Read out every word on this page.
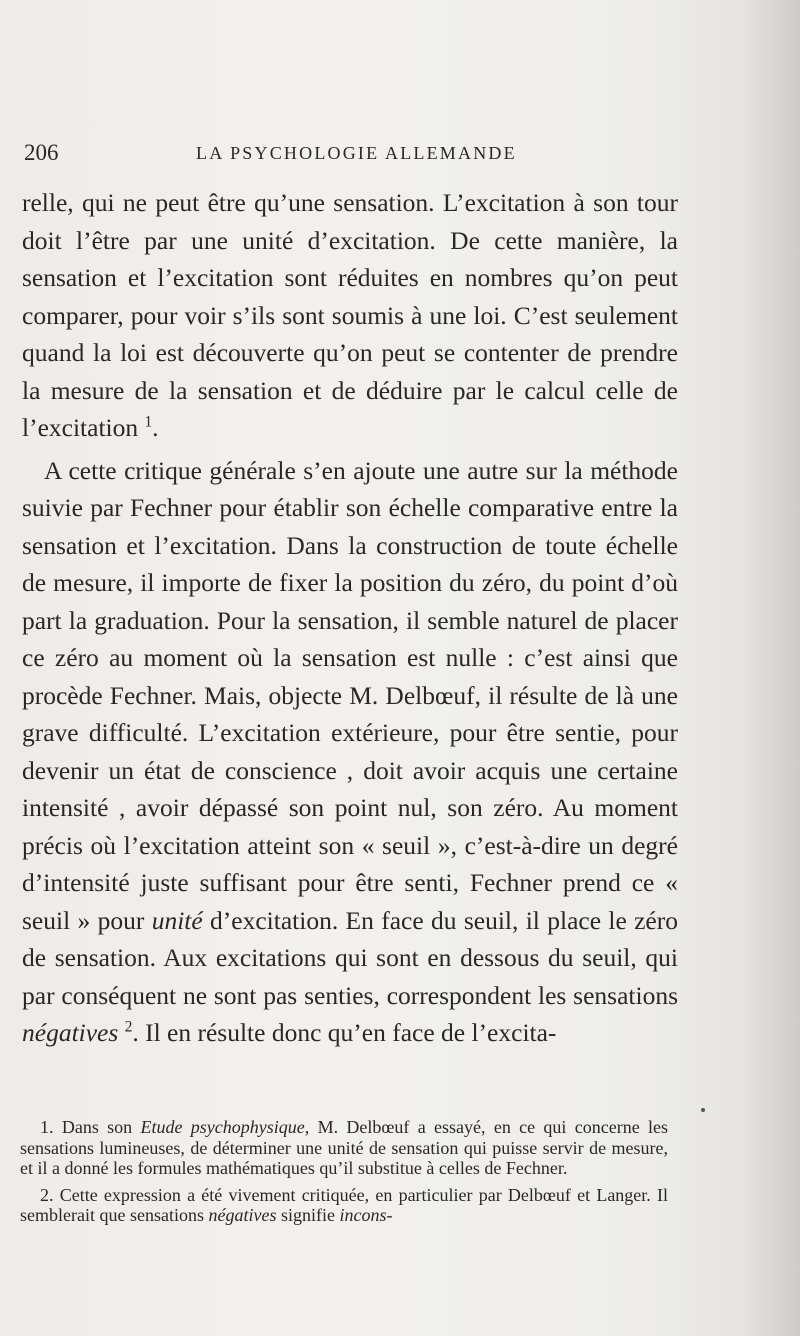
206	LA PSYCHOLOGIE ALLEMANDE

relle, qui ne peut être qu’une sensation. L’excitation à son tour doit l’être par une unité d’excitation. De cette manière, la sensation et l’excitation sont réduites en nombres qu’on peut comparer, pour voir s’ils sont soumis à une loi. C’est seulement quand la loi est découverte qu’on peut se contenter de prendre la mesure de la sensation et de déduire par le calcul celle de l’excitation $^1$.

A cette critique générale s’en ajoute une autre sur la méthode suivie par Fechner pour établir son échelle comparative entre la sensation et l’excitation. Dans la construction de toute échelle de mesure, il importe de fixer la position du zéro, du point d’où part la graduation. Pour la sensation, il semble naturel de placer ce zéro au moment où la sensation est nulle : c’est ainsi que procède Fechner. Mais, objecte M. Delbœuf, il résulte de là une grave difficulté. L’excitation extérieure, pour être sentie, pour devenir un état de conscience , doit avoir acquis une certaine intensité , avoir dépassé son point nul, son zéro. Au moment précis où l’excitation atteint son « seuil », c’est-à-dire un degré d’intensité juste suffisant pour être senti, Fechner prend ce « seuil » pour unité d’excitation. En face du seuil, il place le zéro de sensation. Aux excitations qui sont en dessous du seuil, qui par conséquent ne sont pas senties, correspondent les sensations négatives $^2$. Il en résulte donc qu’en face de l’excita-

1. Dans son Etude psychophysique, M. Delbœuf a essayé, en ce qui concerne les sensations lumineuses, de déterminer une unité de sensation qui puisse servir de mesure, et il a donné les formules mathématiques qu’il substitue à celles de Fechner.

2. Cette expression a été vivement critiquée, en particulier par Delbœuf et Langer. Il semblerait que sensations négatives signifie incons-
